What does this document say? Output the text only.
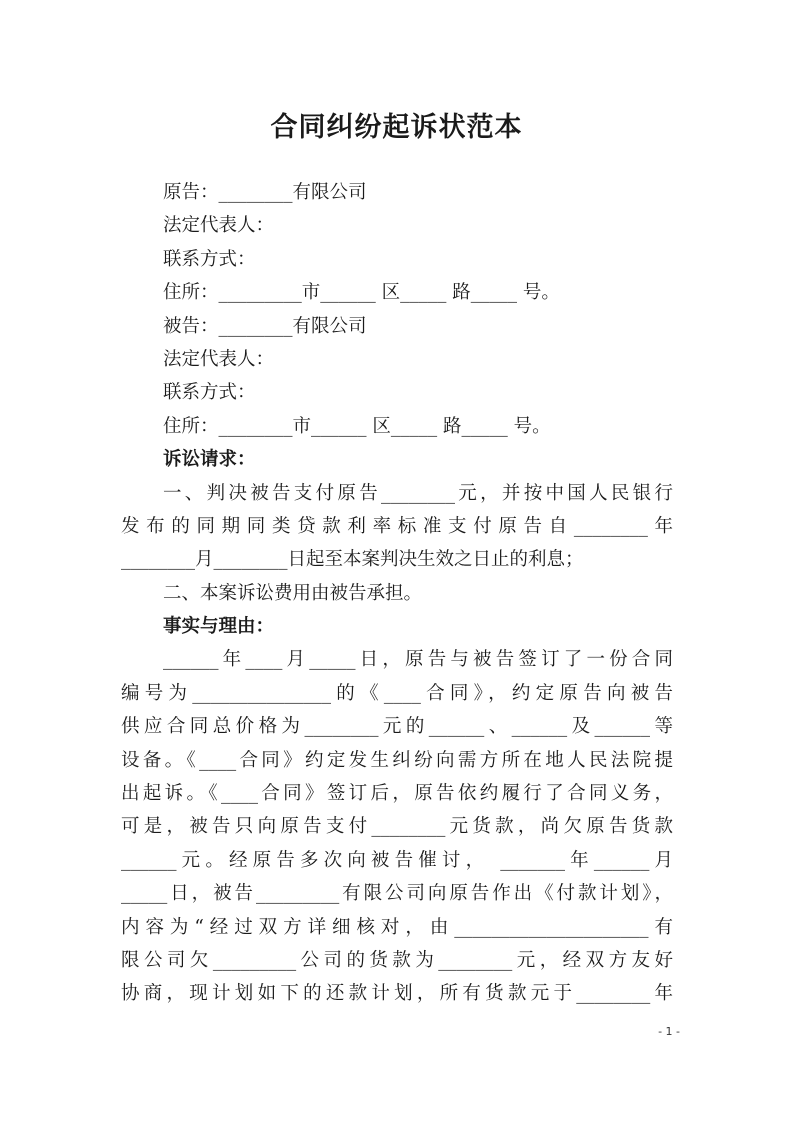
合同纠纷起诉状范本
原告：________有限公司
法定代表人：
联系方式：
住所：_________市______ 区_____ 路_____ 号。
被告：________有限公司
法定代表人：
联系方式：
住所：________市______ 区_____ 路_____ 号。
诉讼请求：
一、判决被告支付原告________元，并按中国人民银行
发布的同期同类贷款利率标准支付原告自________年
________月________日起至本案判决生效之日止的利息；
二、本案诉讼费用由被告承担。
事实与理由：
______年____月_____日，原告与被告签订了一份合同
编号为_______________的《____合同》，约定原告向被告
供应合同总价格为________元的______、______及______等
设备。《____合同》约定发生纠纷向需方所在地人民法院提
出起诉。《____合同》签订后，原告依约履行了合同义务，
可是，被告只向原告支付________元货款，尚欠原告货款
______元。经原告多次向被告催讨， _______年______月
_____日，被告_________有限公司向原告作出《付款计划》，
内容为“经过双方详细核对，由_____________________有
限公司欠_________公司的货款为________元，经双方友好
协商，现计划如下的还款计划，所有货款元于________年
- 1 -
